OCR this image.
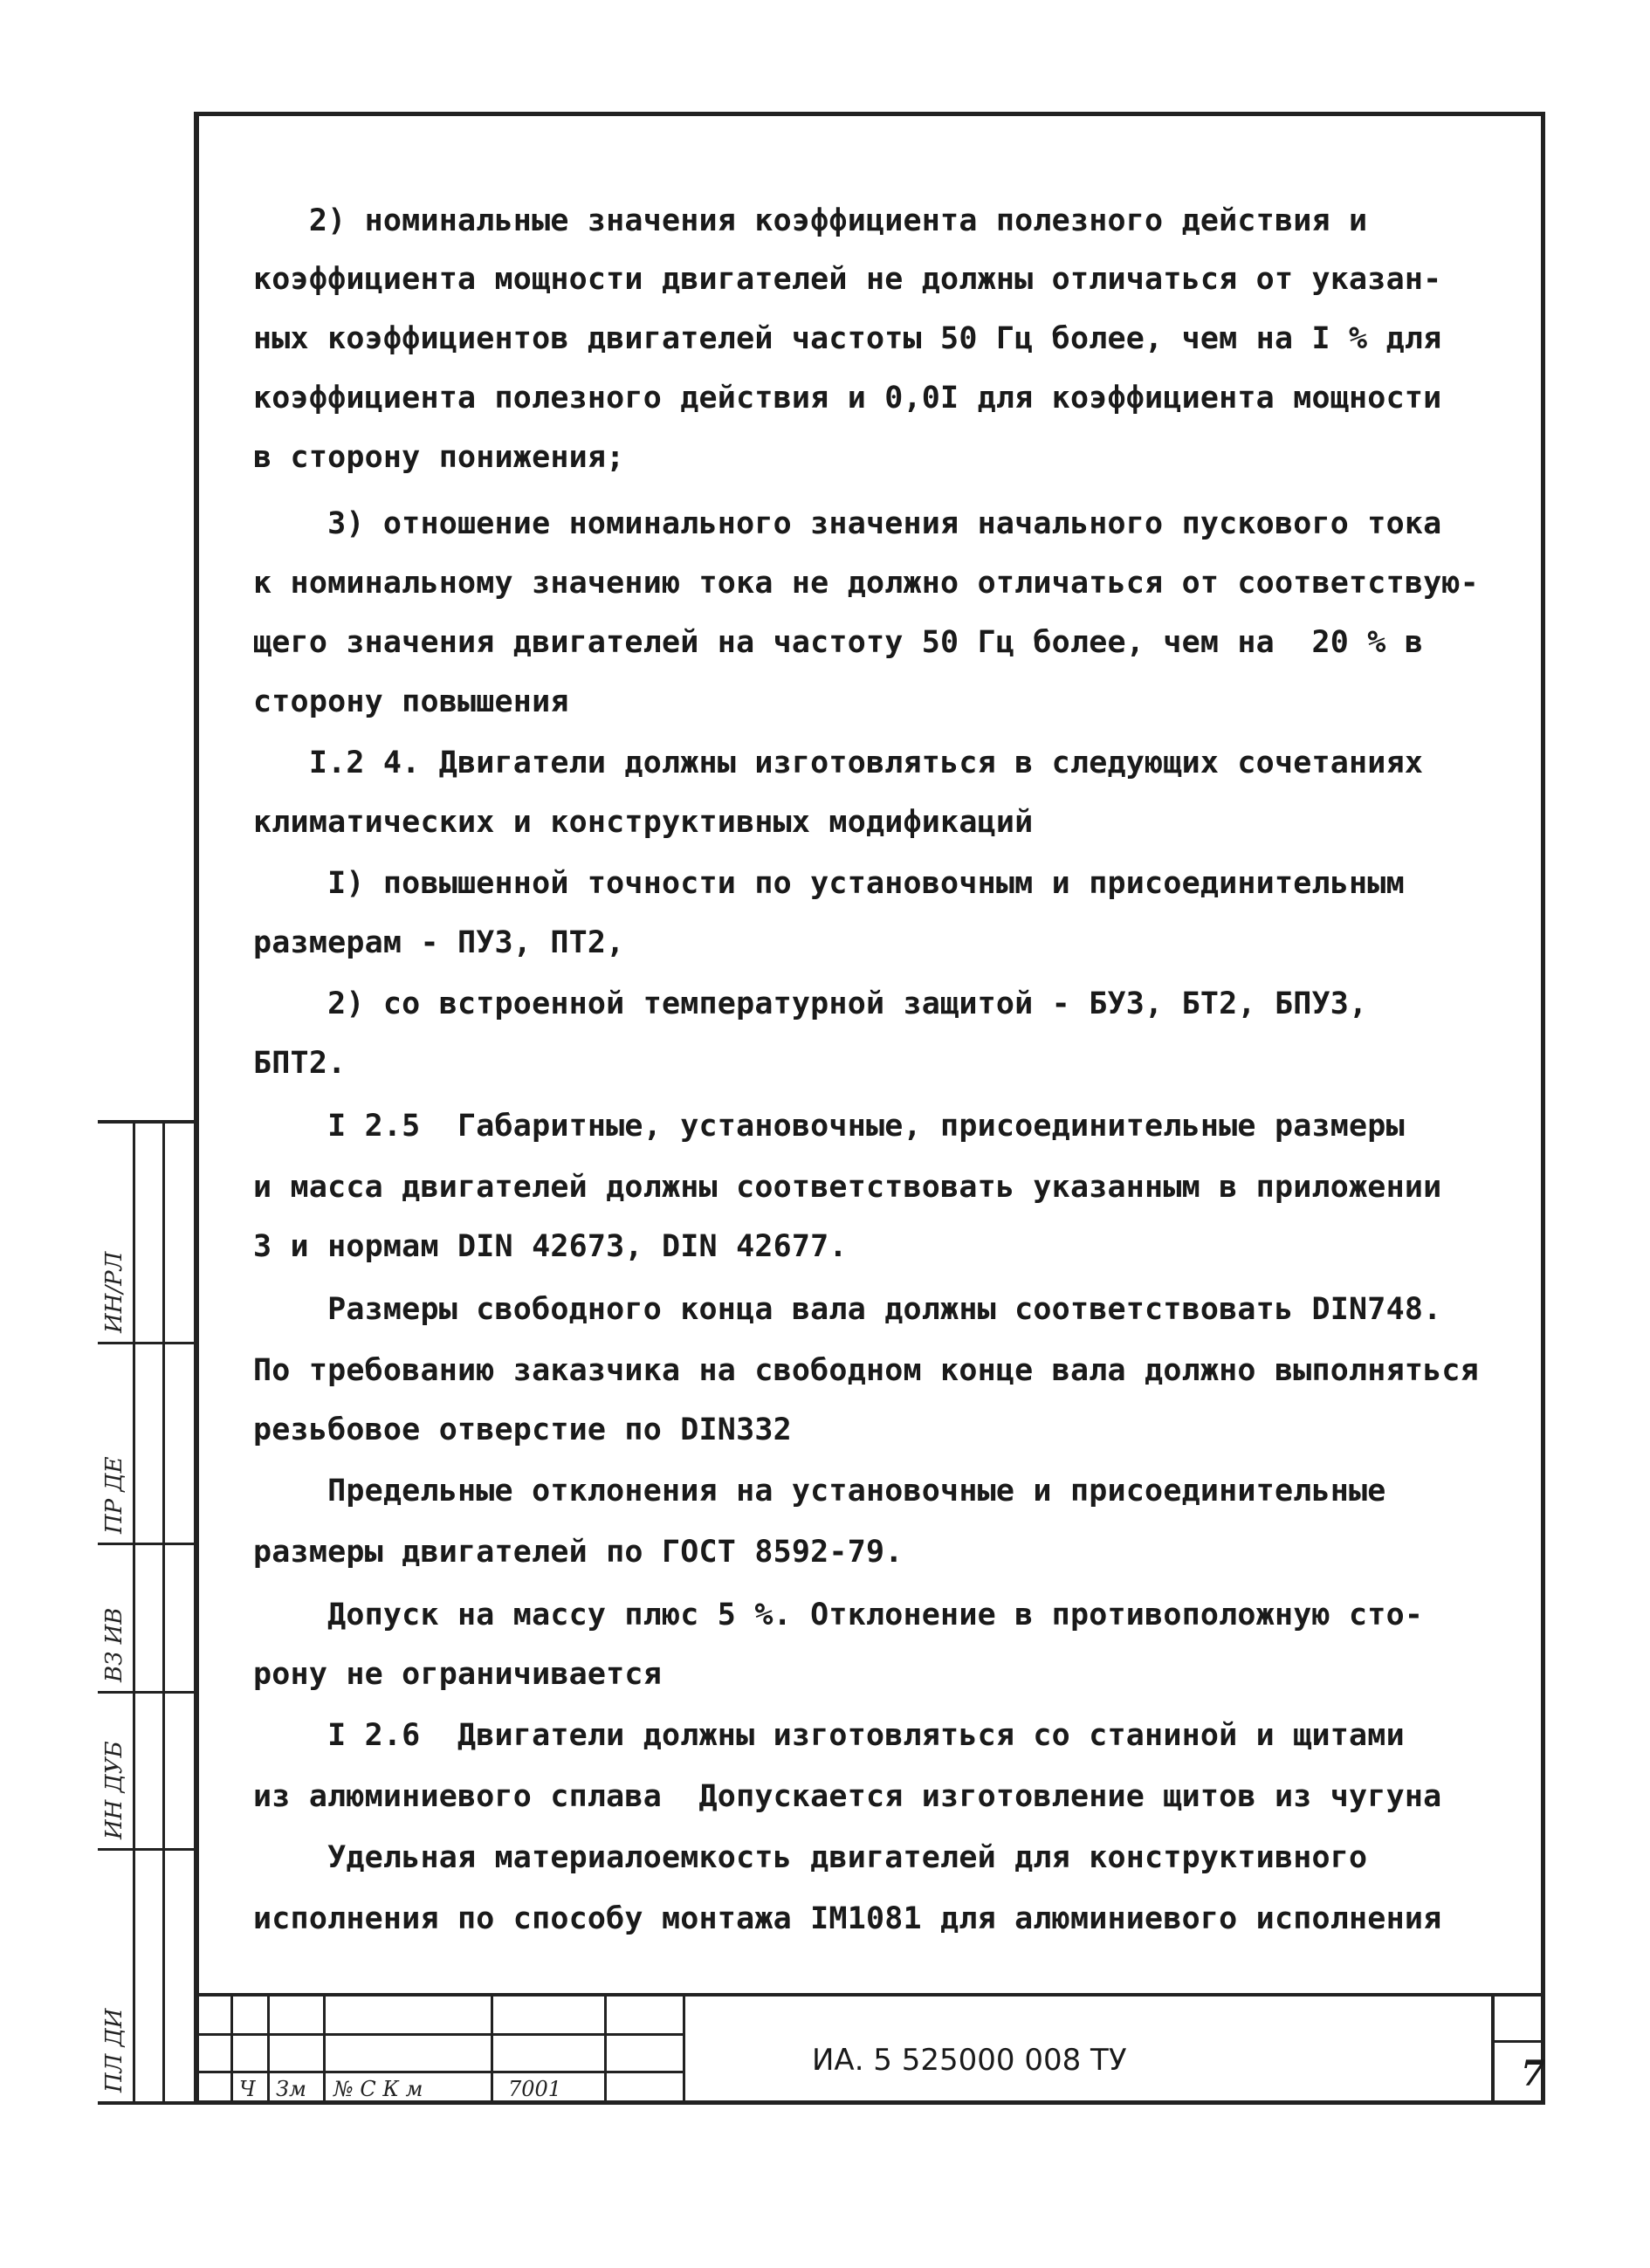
2) номинальные значения коэффициента полезного действия и
коэффициента мощности двигателей не должны отличаться от указан-
ных коэффициентов двигателей частоты 50 Гц более, чем на I % для
коэффициента полезного действия и 0,0I для коэффициента мощности
в сторону понижения;
3) отношение номинального значения начального пускового тока
к номинальному значению тока не должно отличаться от соответствую-
щего значения двигателей на частоту 50 Гц более, чем на  20 % в
сторону повышения
I.2 4. Двигатели должны изготовляться в следующих сочетаниях
климатических и конструктивных модификаций
I) повышенной точности по установочным и присоединительным
размерам - ПУЗ, ПТ2,
2) со встроенной температурной защитой - БУЗ, БТ2, БПУЗ,
БПТ2.
I 2.5  Габаритные, установочные, присоединительные размеры
и масса двигателей должны соответствовать указанным в приложении
3 и нормам DIN 42673, DIN 42677.
Размеры свободного конца вала должны соответствовать DIN748.
По требованию заказчика на свободном конце вала должно выполняться
резьбовое отверстие по DIN332
Предельные отклонения на установочные и присоединительные
размеры двигателей по ГОСТ 8592-79.
Допуск на массу плюс 5 %. Отклонение в противоположную сто-
рону не ограничивается
I 2.6  Двигатели должны изготовляться со станиной и щитами
из алюминиевого сплава  Допускается изготовление щитов из чугуна
Удельная материалоемкость двигателей для конструктивного
исполнения по способу монтажа IM1081 для алюминиевого исполнения
ИН/РЛ
ПР ДЕ
ВЗ ИВ
ИН ДУБ
ПЛ ДИ	Ч Зм № С К м	7001
ИА. 5 525000 008 ТУ	7
